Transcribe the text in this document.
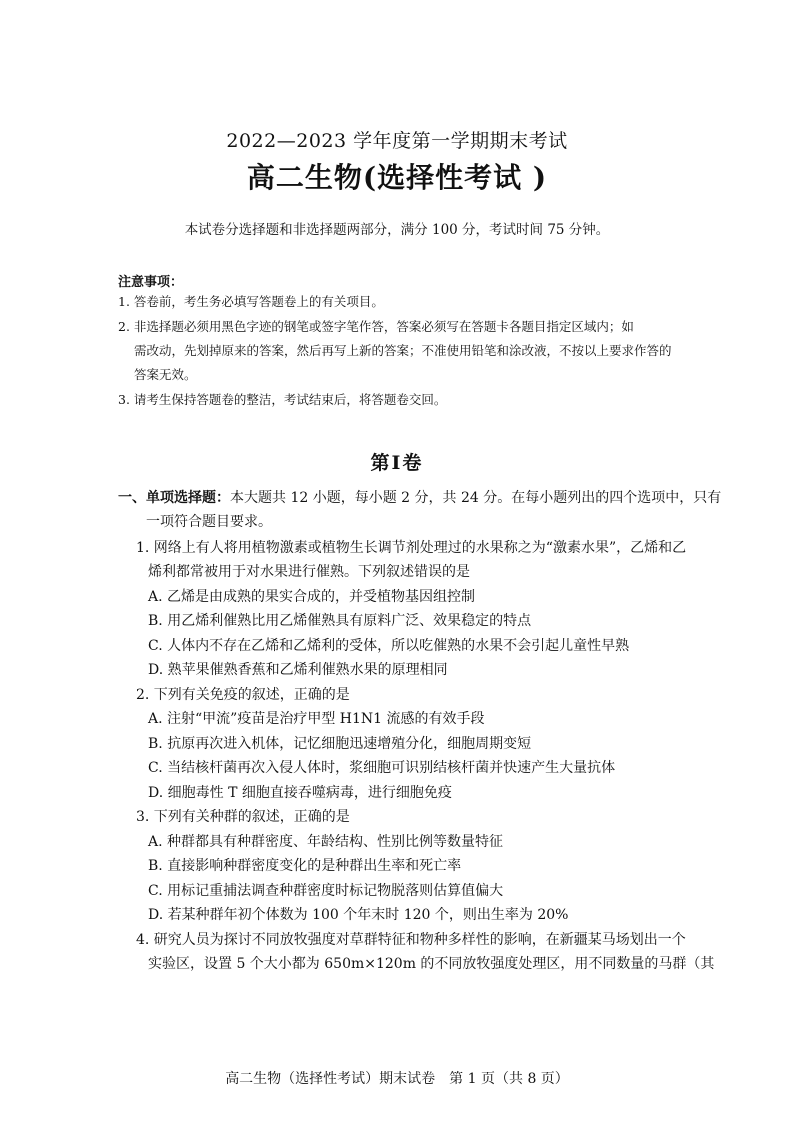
2022—2023 学年度第一学期期末考试
高二生物(选择性考试 )
本试卷分选择题和非选择题两部分，满分 100 分，考试时间 75 分钟。
注意事项：
1. 答卷前，考生务必填写答题卷上的有关项目。
2. 非选择题必须用黑色字迹的钢笔或签字笔作答，答案必须写在答题卡各题目指定区域内；如
需改动，先划掉原来的答案，然后再写上新的答案；不准使用铅笔和涂改液，不按以上要求作答的答案无效。
3. 请考生保持答题卷的整洁，考试结束后，将答题卷交回。
第Ⅰ卷
一、单项选择题：本大题共 12 小题，每小题 2 分，共 24 分。在每小题列出的四个选项中，只有
一项符合题目要求。
1. 网络上有人将用植物激素或植物生长调节剂处理过的水果称之为“激素水果”，乙烯和乙
烯利都常被用于对水果进行催熟。下列叙述错误的是
A. 乙烯是由成熟的果实合成的，并受植物基因组控制
B. 用乙烯利催熟比用乙烯催熟具有原料广泛、效果稳定的特点
C. 人体内不存在乙烯和乙烯利的受体，所以吃催熟的水果不会引起儿童性早熟
D. 熟苹果催熟香蕉和乙烯利催熟水果的原理相同
2. 下列有关免疫的叙述，正确的是
A. 注射“甲流”疫苗是治疗甲型 H1N1 流感的有效手段
B. 抗原再次进入机体，记忆细胞迅速增殖分化，细胞周期变短
C. 当结核杆菌再次入侵人体时，浆细胞可识别结核杆菌并快速产生大量抗体
D. 细胞毒性 T 细胞直接吞噬病毒，进行细胞免疫
3. 下列有关种群的叙述，正确的是
A. 种群都具有种群密度、年龄结构、性别比例等数量特征
B. 直接影响种群密度变化的是种群出生率和死亡率
C. 用标记重捕法调查种群密度时标记物脱落则估算值偏大
D. 若某种群年初个体数为 100 个年末时 120 个，则出生率为 20%
4. 研究人员为探讨不同放牧强度对草群特征和物种多样性的影响，在新疆某马场划出一个
实验区，设置 5 个大小都为 650m×120m 的不同放牧强度处理区，用不同数量的马群（其
高二生物（选择性考试）期末试卷　第 1 页（共 8 页）
